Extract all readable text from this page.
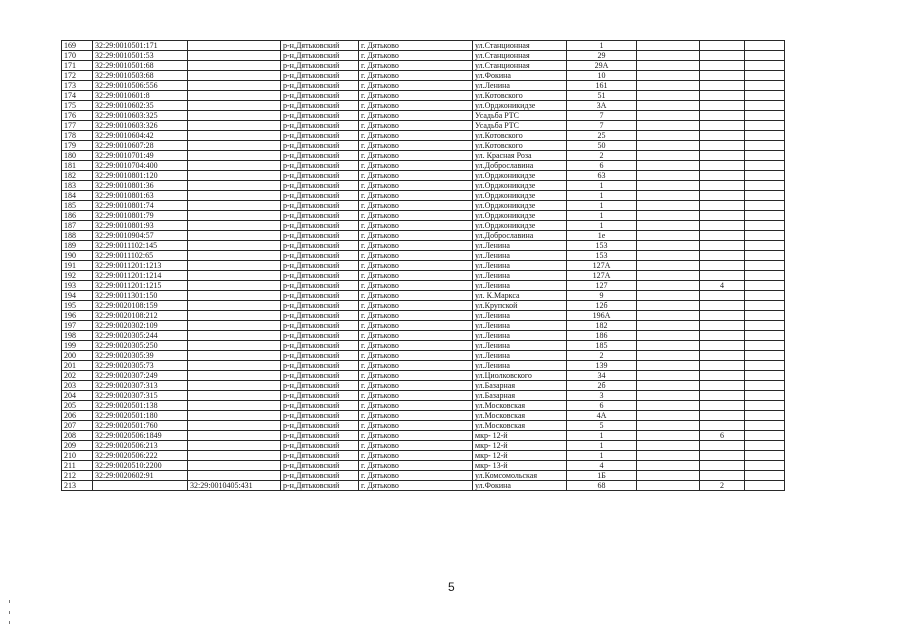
169	32:29:0010501:171		р-н,Дятьковский	г. Дятьково	ул.Станционная	1			
170	32:29:0010501:53		р-н,Дятьковский	г. Дятьково	ул.Станционная	29			
171	32:29:0010501:68		р-н,Дятьковский	г. Дятьково	ул.Станционная	29А			
172	32:29:0010503:68		р-н,Дятьковский	г. Дятьково	ул.Фокина	10			
173	32:29:0010506:556		р-н,Дятьковский	г. Дятьково	ул.Ленина	161			
174	32:29:0010601:8		р-н,Дятьковский	г. Дятьково	ул.Котовского	51			
175	32:29:0010602:35		р-н,Дятьковский	г. Дятьково	ул.Орджоникидзе	3А			
176	32:29:0010603:325		р-н,Дятьковский	г. Дятьково	Усадьба РТС	7			
177	32:29:0010603:326		р-н,Дятьковский	г. Дятьково	Усадьба РТС	7			
178	32:29:0010604:42		р-н,Дятьковский	г. Дятьково	ул.Котовского	25			
179	32:29:0010607:28		р-н,Дятьковский	г. Дятьково	ул.Котовского	50			
180	32:29:0010701:49		р-н,Дятьковский	г. Дятьково	ул. Красная Роза	2			
181	32:29:0010704:400		р-н,Дятьковский	г. Дятьково	ул.Доброславина	6			
182	32:29:0010801:120		р-н,Дятьковский	г. Дятьково	ул.Орджоникидзе	63			
183	32:29:0010801:36		р-н,Дятьковский	г. Дятьково	ул.Орджоникидзе	1			
184	32:29:0010801:63		р-н,Дятьковский	г. Дятьково	ул.Орджоникидзе	1			
185	32:29:0010801:74		р-н,Дятьковский	г. Дятьково	ул.Орджоникидзе	1			
186	32:29:0010801:79		р-н,Дятьковский	г. Дятьково	ул.Орджоникидзе	1			
187	32:29:0010801:93		р-н,Дятьковский	г. Дятьково	ул.Орджоникидзе	1			
188	32:29:0010904:57		р-н,Дятьковский	г. Дятьково	ул.Доброславина	1е			
189	32:29:0011102:145		р-н,Дятьковский	г. Дятьково	ул.Ленина	153			
190	32:29:0011102:65		р-н,Дятьковский	г. Дятьково	ул.Ленина	153			
191	32:29:0011201:1213		р-н,Дятьковский	г. Дятьково	ул.Ленина	127А			
192	32:29:0011201:1214		р-н,Дятьковский	г. Дятьково	ул.Ленина	127А			
193	32:29:0011201:1215		р-н,Дятьковский	г. Дятьково	ул.Ленина	127		4	
194	32:29:0011301:150		р-н,Дятьковский	г. Дятьково	ул. К.Маркса	9			
195	32:29:0020108:159		р-н,Дятьковский	г. Дятьково	ул.Крупской	12б			
196	32:29:0020108:212		р-н,Дятьковский	г. Дятьково	ул.Ленина	196А			
197	32:29:0020302:109		р-н,Дятьковский	г. Дятьково	ул.Ленина	182			
198	32:29:0020305:244		р-н,Дятьковский	г. Дятьково	ул.Ленина	186			
199	32:29:0020305:250		р-н,Дятьковский	г. Дятьково	ул.Ленина	185			
200	32:29:0020305:39		р-н,Дятьковский	г. Дятьково	ул.Ленина	2			
201	32:29:0020305:73		р-н,Дятьковский	г. Дятьково	ул.Ленина	139			
202	32:29:0020307:249		р-н,Дятьковский	г. Дятьково	ул.Циолковского	34			
203	32:29:0020307:313		р-н,Дятьковский	г. Дятьково	ул.Базарная	2б			
204	32:29:0020307:315		р-н,Дятьковский	г. Дятьково	ул.Базарная	3			
205	32:29:0020501:138		р-н,Дятьковский	г. Дятьково	ул.Московская	6			
206	32:29:0020501:180		р-н,Дятьковский	г. Дятьково	ул.Московская	4А			
207	32:29:0020501:760		р-н,Дятьковский	г. Дятьково	ул.Московская	5			
208	32:29:0020506:1849		р-н,Дятьковский	г. Дятьково	мкр- 12-й	1		6	
209	32:29:0020506:213		р-н,Дятьковский	г. Дятьково	мкр- 12-й	1			
210	32:29:0020506:222		р-н,Дятьковский	г. Дятьково	мкр- 12-й	1			
211	32:29:0020510:2200		р-н,Дятьковский	г. Дятьково	мкр- 13-й	4			
212	32:29:0020602:91		р-н,Дятьковский	г. Дятьково	ул.Комсомольская	1Б			
213		32:29:0010405:431	р-н,Дятьковский	г. Дятьково	ул.Фокина	68		2	
5
